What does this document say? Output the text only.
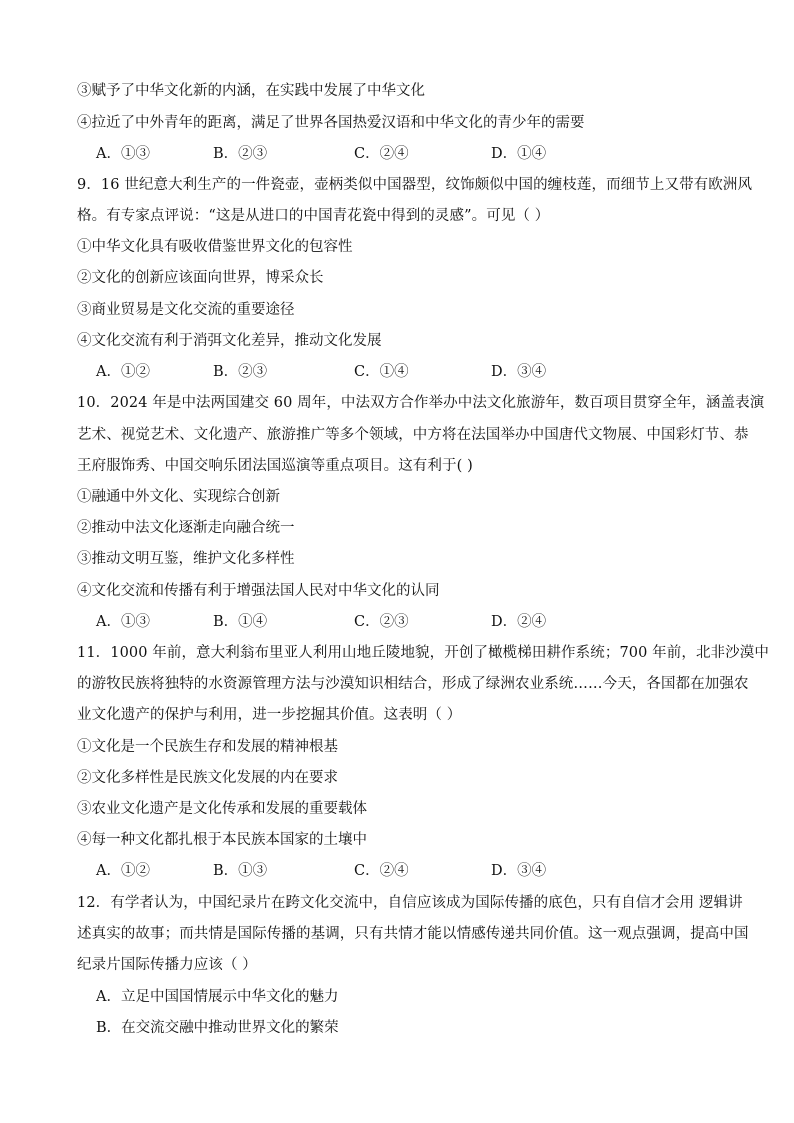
③赋予了中华文化新的内涵，在实践中发展了中华文化
④拉近了中外青年的距离，满足了世界各国热爱汉语和中华文化的青少年的需要
A．①③	B．②③	C．②④	D．①④
9．16 世纪意大利生产的一件瓷壶，壶柄类似中国器型，纹饰颇似中国的缠枝莲，而细节上又带有欧洲风
格。有专家点评说：“这是从进口的中国青花瓷中得到的灵感”。可见（ ）
①中华文化具有吸收借鉴世界文化的包容性
②文化的创新应该面向世界，博采众长
③商业贸易是文化交流的重要途径
④文化交流有利于消弭文化差异，推动文化发展
A．①②	B．②③	C．①④	D．③④
10．2024 年是中法两国建交 60 周年，中法双方合作举办中法文化旅游年，数百项目贯穿全年，涵盖表演
艺术、视觉艺术、文化遗产、旅游推广等多个领域，中方将在法国举办中国唐代文物展、中国彩灯节、恭
王府服饰秀、中国交响乐团法国巡演等重点项目。这有利于( )
①融通中外文化、实现综合创新
②推动中法文化逐渐走向融合统一
③推动文明互鉴，维护文化多样性
④文化交流和传播有利于增强法国人民对中华文化的认同
A．①③	B．①④	C．②③	D．②④
11．1000 年前，意大利翁布里亚人利用山地丘陵地貌，开创了橄榄梯田耕作系统；700 年前，北非沙漠中
的游牧民族将独特的水资源管理方法与沙漠知识相结合，形成了绿洲农业系统……今天，各国都在加强农
业文化遗产的保护与利用，进一步挖掘其价值。这表明（ ）
①文化是一个民族生存和发展的精神根基
②文化多样性是民族文化发展的内在要求
③农业文化遗产是文化传承和发展的重要载体
④每一种文化都扎根于本民族本国家的土壤中
A．①②	B．①③	C．②④	D．③④
12．有学者认为，中国纪录片在跨文化交流中，自信应该成为国际传播的底色，只有自信才会用 逻辑讲
述真实的故事；而共情是国际传播的基调，只有共情才能以情感传递共同价值。这一观点强调，提高中国
纪录片国际传播力应该（ ）
A．立足中国国情展示中华文化的魅力
B．在交流交融中推动世界文化的繁荣
